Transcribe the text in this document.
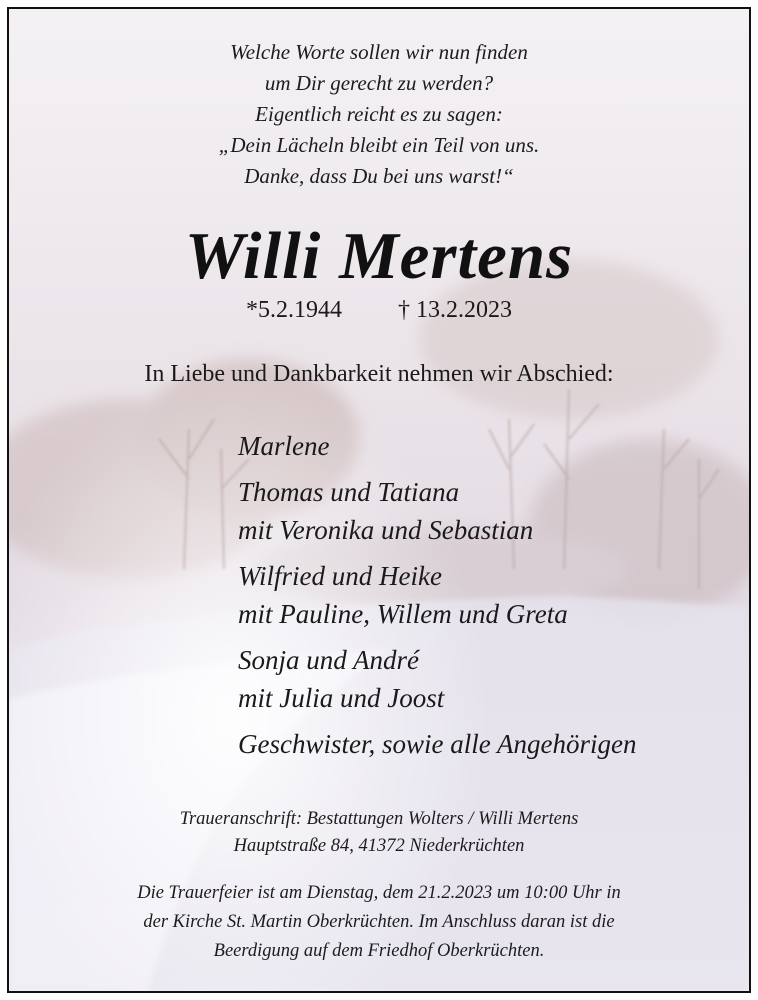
Welche Worte sollen wir nun finden
um Dir gerecht zu werden?
Eigentlich reicht es zu sagen:
„Dein Lächeln bleibt ein Teil von uns.
Danke, dass Du bei uns warst!“
Willi Mertens
*5.2.1944 † 13.2.2023
In Liebe und Dankbarkeit nehmen wir Abschied:
Marlene
Thomas und Tatiana
mit Veronika und Sebastian
Wilfried und Heike
mit Pauline, Willem und Greta
Sonja und André
mit Julia und Joost
Geschwister, sowie alle Angehörigen
Traueranschrift: Bestattungen Wolters / Willi Mertens
Hauptstraße 84, 41372 Niederkrüchten
Die Trauerfeier ist am Dienstag, dem 21.2.2023 um 10:00 Uhr in
der Kirche St. Martin Oberkrüchten. Im Anschluss daran ist die
Beerdigung auf dem Friedhof Oberkrüchten.
